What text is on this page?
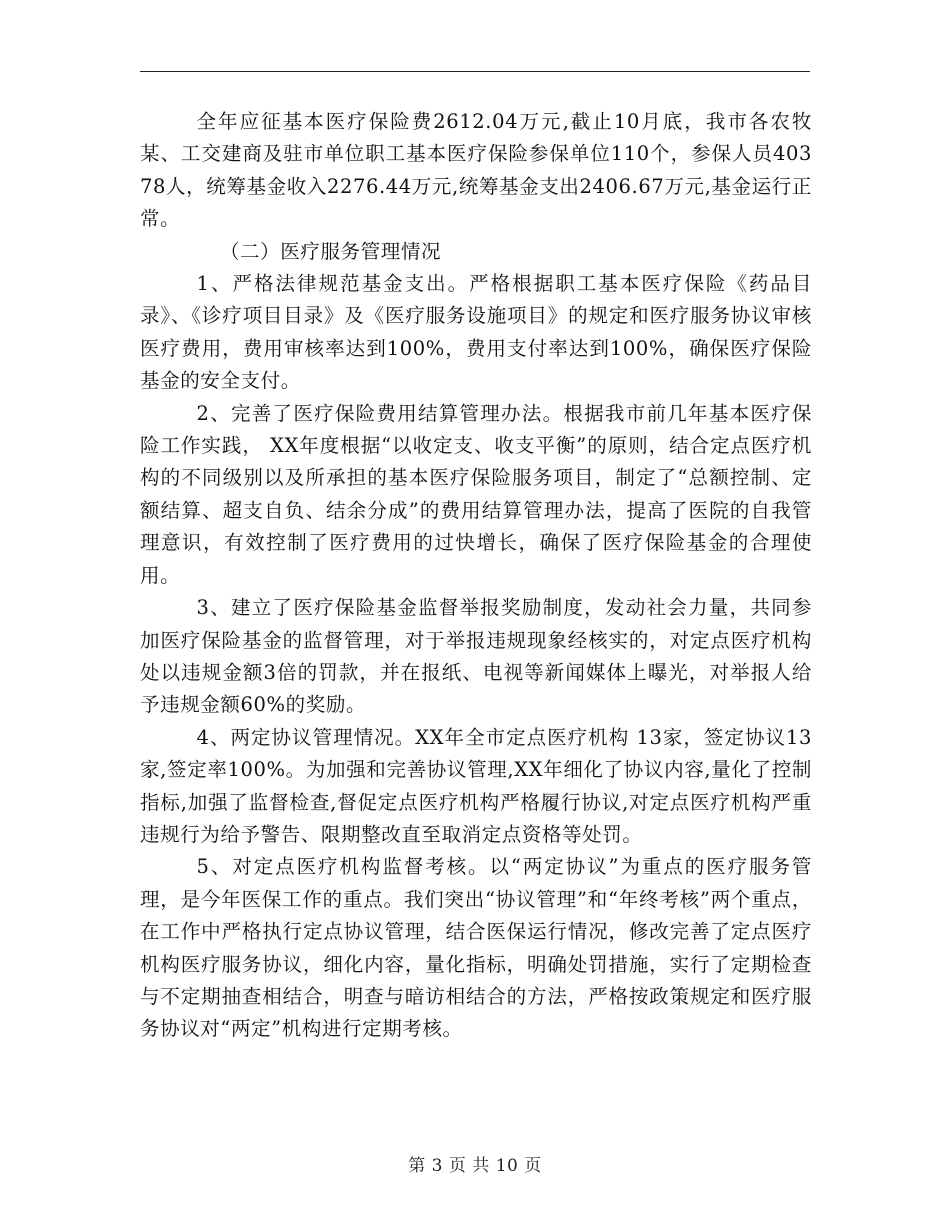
全年应征基本医疗保险费2612.04万元,截止10月底，我市各农牧某、工交建商及驻市单位职工基本医疗保险参保单位110个，参保人员40378人，统筹基金收入2276.44万元,统筹基金支出2406.67万元,基金运行正常。

（二）医疗服务管理情况

1、严格法律规范基金支出。严格根据职工基本医疗保险《药品目录》、《诊疗项目目录》及《医疗服务设施项目》的规定和医疗服务协议审核医疗费用，费用审核率达到100%，费用支付率达到100%，确保医疗保险基金的安全支付。

2、完善了医疗保险费用结算管理办法。根据我市前几年基本医疗保险工作实践， XX年度根据“以收定支、收支平衡”的原则，结合定点医疗机构的不同级别以及所承担的基本医疗保险服务项目，制定了“总额控制、定额结算、超支自负、结余分成”的费用结算管理办法，提高了医院的自我管理意识，有效控制了医疗费用的过快增长，确保了医疗保险基金的合理使用。

3、建立了医疗保险基金监督举报奖励制度，发动社会力量，共同参加医疗保险基金的监督管理，对于举报违规现象经核实的，对定点医疗机构处以违规金额3倍的罚款，并在报纸、电视等新闻媒体上曝光，对举报人给予违规金额60%的奖励。

4、两定协议管理情况。XX年全市定点医疗机构 13家，签定协议13 家,签定率100%。为加强和完善协议管理,XX年细化了协议内容,量化了控制指标,加强了监督检查,督促定点医疗机构严格履行协议,对定点医疗机构严重违规行为给予警告、限期整改直至取消定点资格等处罚。

5、对定点医疗机构监督考核。以“两定协议”为重点的医疗服务管理，是今年医保工作的重点。我们突出“协议管理”和“年终考核”两个重点，在工作中严格执行定点协议管理，结合医保运行情况，修改完善了定点医疗机构医疗服务协议，细化内容，量化指标，明确处罚措施，实行了定期检查与不定期抽查相结合，明查与暗访相结合的方法，严格按政策规定和医疗服务协议对“两定”机构进行定期考核。

第 3 页 共 10 页
